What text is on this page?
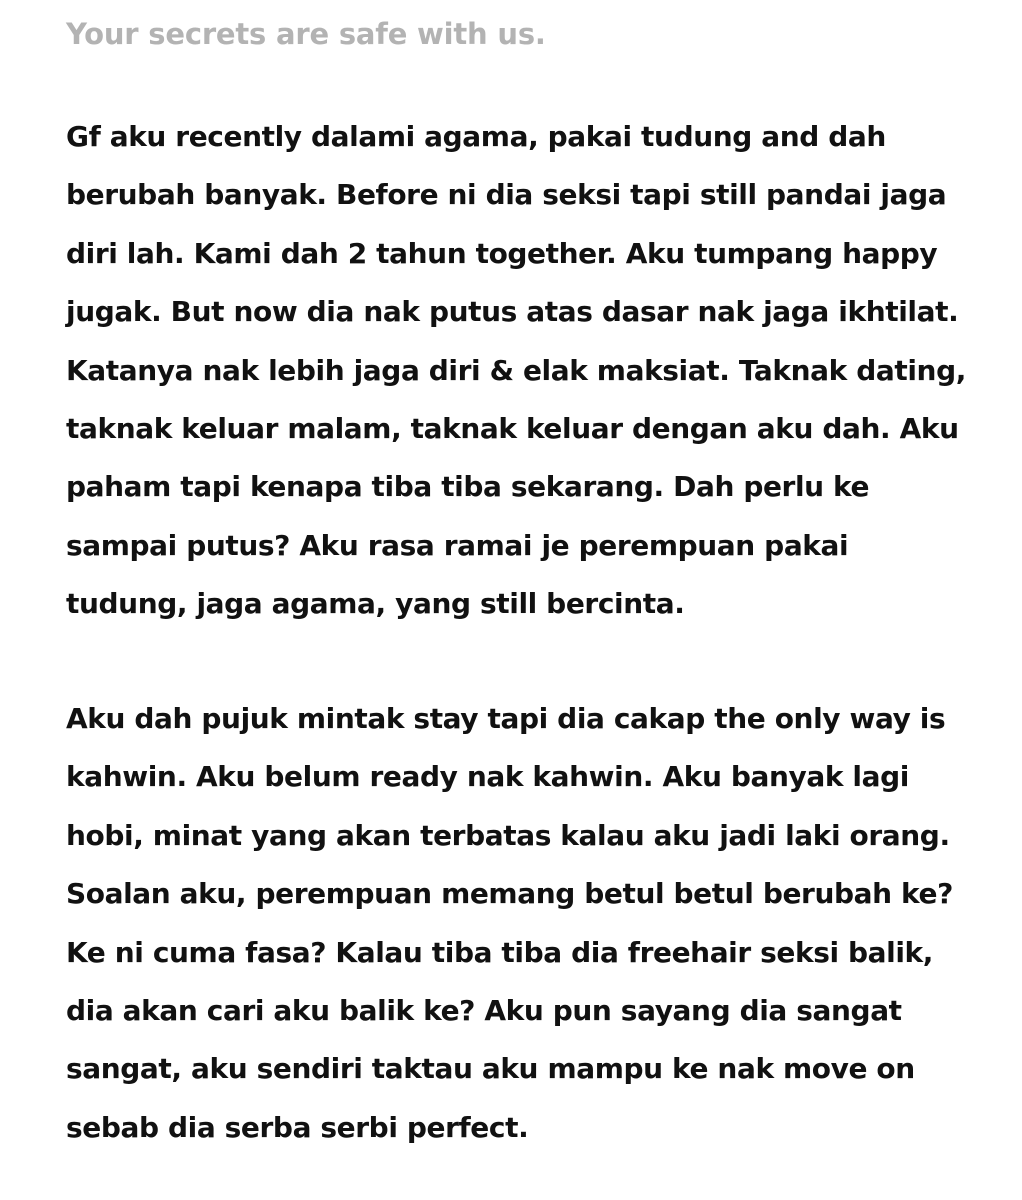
Your secrets are safe with us.

Gf aku recently dalami agama, pakai tudung and dah
berubah banyak. Before ni dia seksi tapi still pandai jaga
diri lah. Kami dah 2 tahun together. Aku tumpang happy
jugak. But now dia nak putus atas dasar nak jaga ikhtilat.
Katanya nak lebih jaga diri & elak maksiat. Taknak dating,
taknak keluar malam, taknak keluar dengan aku dah. Aku
paham tapi kenapa tiba tiba sekarang. Dah perlu ke
sampai putus? Aku rasa ramai je perempuan pakai
tudung, jaga agama, yang still bercinta.

Aku dah pujuk mintak stay tapi dia cakap the only way is
kahwin. Aku belum ready nak kahwin. Aku banyak lagi
hobi, minat yang akan terbatas kalau aku jadi laki orang.
Soalan aku, perempuan memang betul betul berubah ke?
Ke ni cuma fasa? Kalau tiba tiba dia freehair seksi balik,
dia akan cari aku balik ke? Aku pun sayang dia sangat
sangat, aku sendiri taktau aku mampu ke nak move on
sebab dia serba serbi perfect.
